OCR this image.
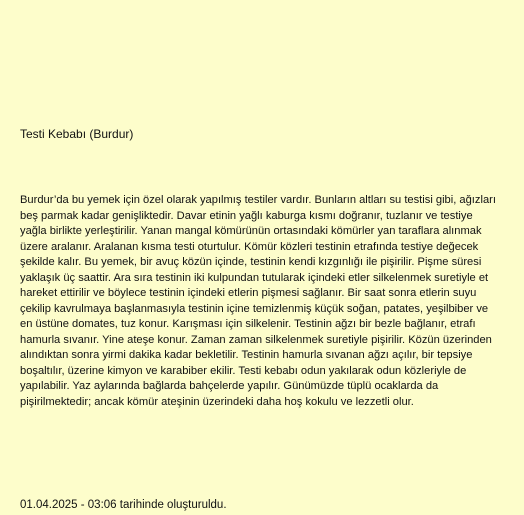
Testi Kebabı (Burdur)

Burdur’da bu yemek için özel olarak yapılmış testiler vardır. Bunların altları su testisi gibi, ağızları beş parmak kadar genişliktedir. Davar etinin yağlı kaburga kısmı doğranır, tuzlanır ve testiye yağla birlikte yerleştirilir. Yanan mangal kömürünün ortasındaki kömürler yan taraflara alınmak üzere aralanır. Aralanan kısma testi oturtulur. Kömür közleri testinin etrafında testiye değecek şekilde kalır. Bu yemek, bir avuç közün içinde, testinin kendi kızgınlığı ile pişirilir. Pişme süresi yaklaşık üç saattir. Ara sıra testinin iki kulpundan tutularak içindeki etler silkelenmek suretiyle et hareket ettirilir ve böylece testinin içindeki etlerin pişmesi sağlanır. Bir saat sonra etlerin suyu çekilip kavrulmaya başlanmasıyla testinin içine temizlenmiş küçük soğan, patates, yeşilbiber ve en üstüne domates, tuz konur. Karışması için silkelenir. Testinin ağzı bir bezle bağlanır, etrafı hamurla sıvanır. Yine ateşe konur. Zaman zaman silkelenmek suretiyle pişirilir. Közün üzerinden alındıktan sonra yirmi dakika kadar bekletilir. Testinin hamurla sıvanan ağzı açılır, bir tepsiye boşaltılır, üzerine kimyon ve karabiber ekilir. Testi kebabı odun yakılarak odun közleriyle de yapılabilir. Yaz aylarında bağlarda bahçelerde yapılır. Günümüzde tüplü ocaklarda da pişirilmektedir; ancak kömür ateşinin üzerindeki daha hoş kokulu ve lezzetli olur.

01.04.2025 - 03:06 tarihinde oluşturuldu.
